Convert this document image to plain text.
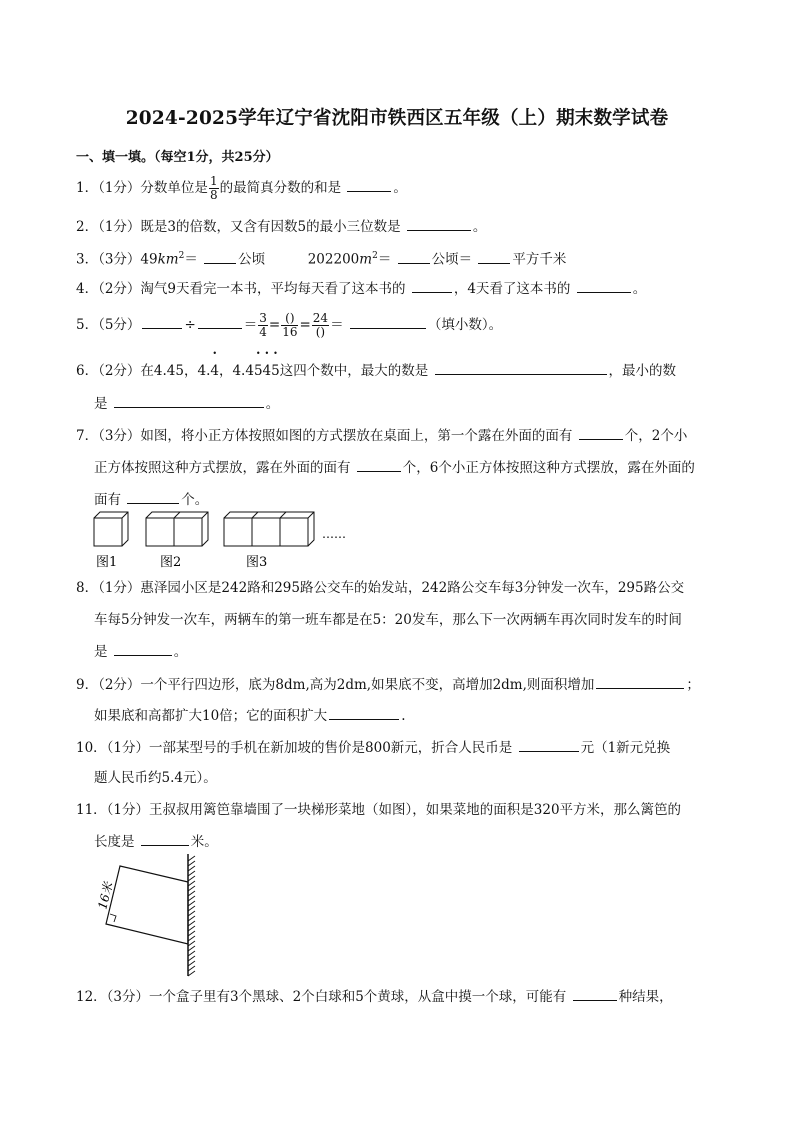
2024-2025学年辽宁省沈阳市铁西区五年级（上）期末数学试卷
一、填一填。（每空1分，共25分）
1．（1分）分数单位是 $\frac{1}{8}$ 的最简真分数的和是	。
2．（1分）既是3的倍数，又含有因数5的最小三位数是	。
3．（3分）$49km^2=$	公顷	$202200m^2=$	公顷＝	平方千米
4．（2分）淘气9天看完一本书，平均每天看了这本书的	，4天看了这本书的	。
5．（5分）	÷	＝ $\frac{3}{4} = \frac{()}{16} = \frac{24}{()}$ ＝	（填小数）。
6．（2分）在4.45，4.• 4，4.4• 5• 4• 5这四个数中，最大的数是	，最小的数
是	。
7．（3分）如图，将小正方体按照如图的方式摆放在桌面上，第一个露在外面的面有	个，2个小
正方体按照这种方式摆放，露在外面的面有	个，6个小正方体按照这种方式摆放，露在外面的
面有	个。
……
图1	图2	图3
8．（1分）惠泽园小区是242路和295路公交车的始发站，242路公交车每3分钟发一次车，295路公交
车每5分钟发一次车，两辆车的第一班车都是在5：20发车，那么下一次两辆车再次同时发车的时间
是	。
9．（2分）一个平行四边形，底为8dm,高为2dm,如果底不变，高增加2dm,则面积增加	；
如果底和高都扩大10倍；它的面积扩大	.
10．（1分）一部某型号的手机在新加坡的售价是800新元，折合人民币是	元（1新元兑换
题人民币约5.4元）。
11．（1分）王叔叔用篱笆靠墙围了一块梯形菜地（如图），如果菜地的面积是320平方米，那么篱笆的
长度是	米。
16米
12．（3分）一个盒子里有3个黑球、2个白球和5个黄球，从盒中摸一个球，可能有	种结果，
